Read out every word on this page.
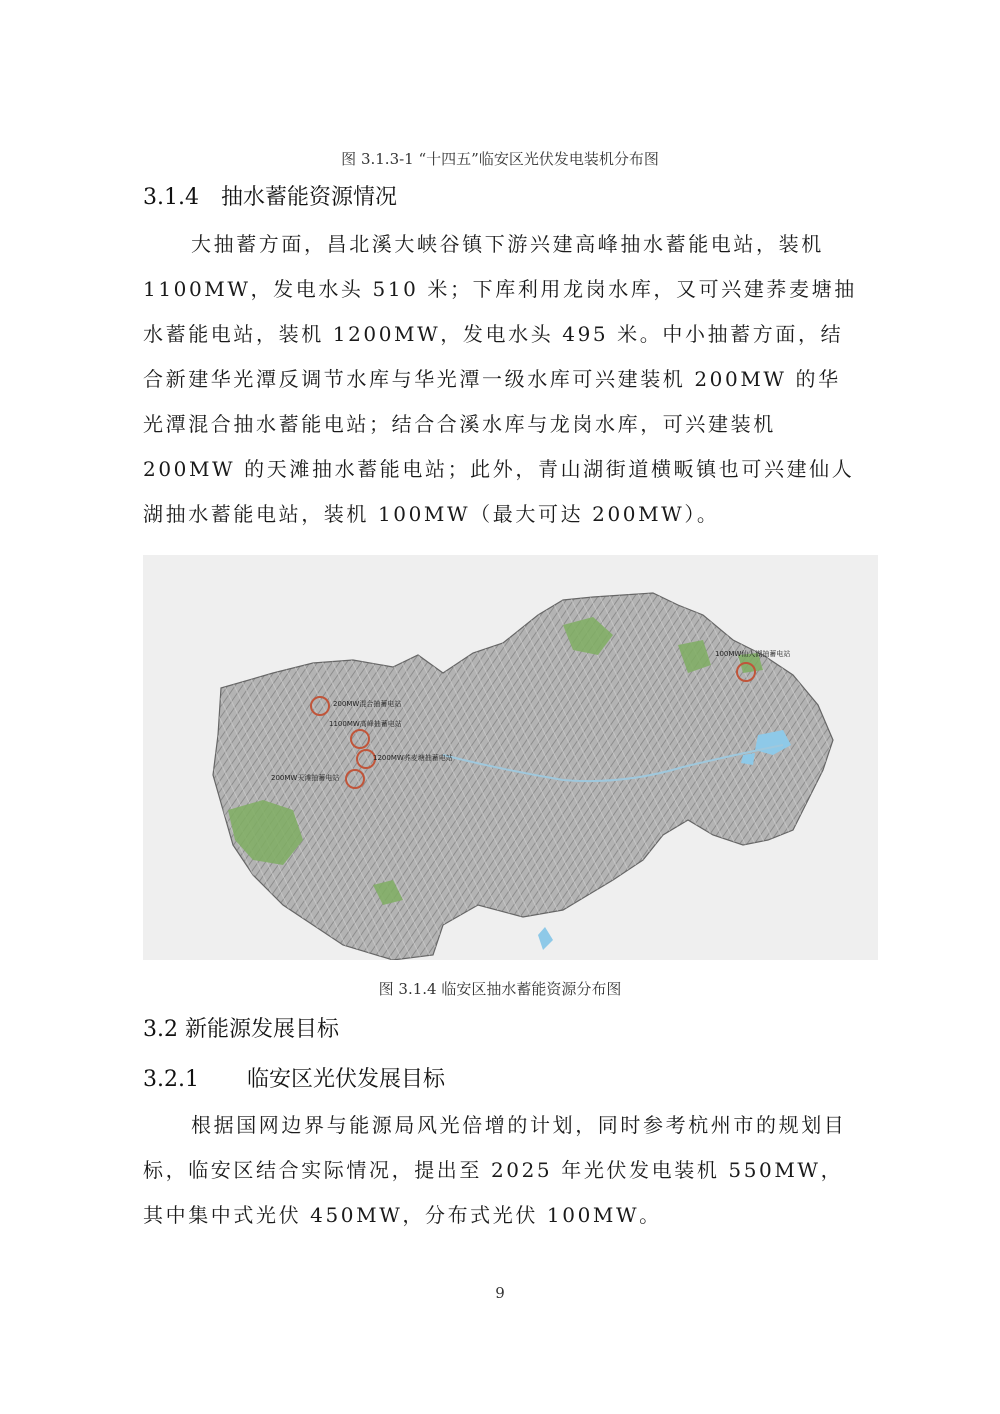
图 3.1.3-1 “十四五”临安区光伏发电装机分布图
3.1.4 抽水蓄能资源情况
大抽蓄方面，昌北溪大峡谷镇下游兴建高峰抽水蓄能电站，装机1100MW，发电水头 510 米；下库利用龙岗水库，又可兴建荞麦塘抽水蓄能电站，装机 1200MW，发电水头 495 米。中小抽蓄方面，结合新建华光潭反调节水库与华光潭一级水库可兴建装机 200MW 的华光潭混合抽水蓄能电站；结合合溪水库与龙岗水库，可兴建装机 200MW 的天滩抽水蓄能电站；此外，青山湖街道横畈镇也可兴建仙人湖抽水蓄能电站，装机 100MW（最大可达 200MW）。
200MW混合抽蓄电站
1100MW高峰抽蓄电站
1200MW荞麦塘抽蓄电站
200MW天滩抽蓄电站
100MW仙人湖抽蓄电站
图 3.1.4 临安区抽水蓄能资源分布图
3.2 新能源发展目标
3.2.1 临安区光伏发展目标
根据国网边界与能源局风光倍增的计划，同时参考杭州市的规划目标，临安区结合实际情况，提出至 2025 年光伏发电装机 550MW，其中集中式光伏 450MW，分布式光伏 100MW。
9
